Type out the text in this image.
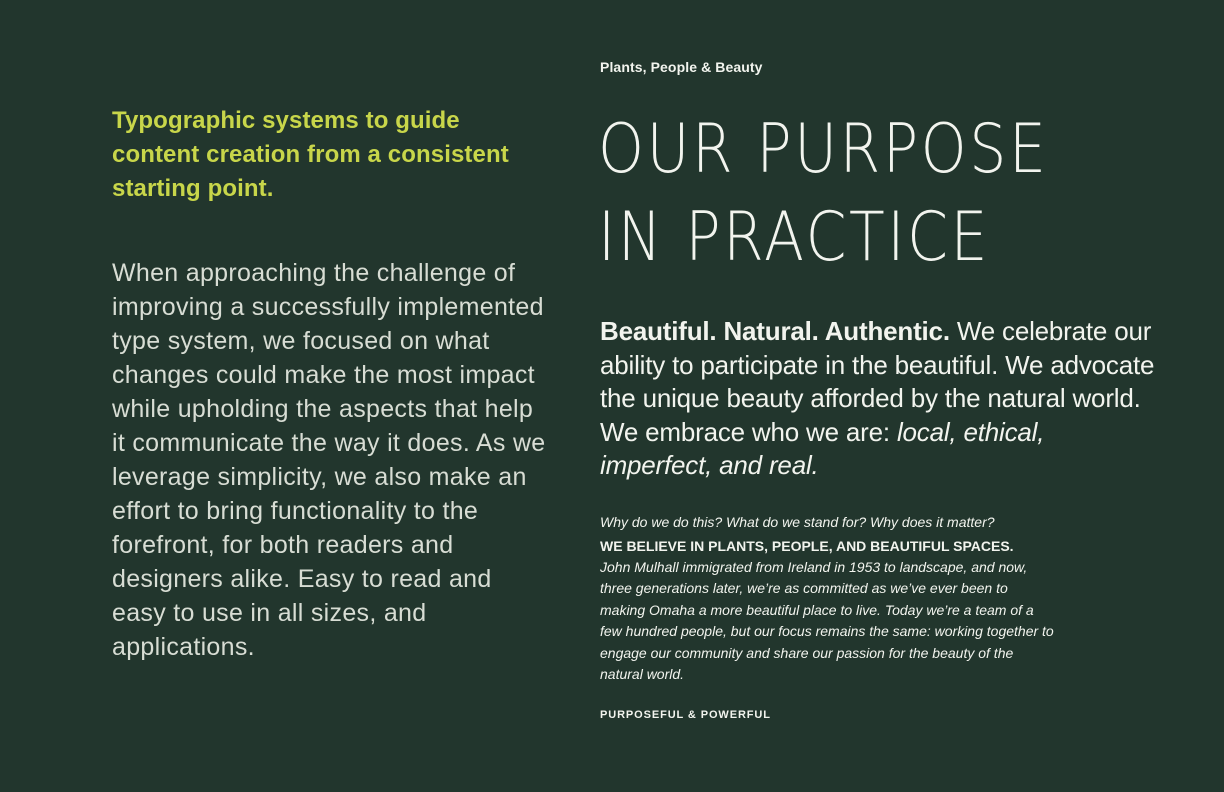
Typographic systems to guide content creation from a consistent starting point.

When approaching the challenge of improving a successfully implemented type system, we focused on what changes could make the most impact while upholding the aspects that help it communicate the way it does. As we leverage simplicity, we also make an effort to bring functionality to the forefront, for both readers and designers alike. Easy to read and easy to use in all sizes, and applications.

Plants, People & Beauty

OUR PURPOSE
IN PRACTICE

Beautiful. Natural. Authentic. We celebrate our ability to participate in the beautiful. We advocate the unique beauty afforded by the natural world. We embrace who we are: local, ethical, imperfect, and real.

Why do we do this? What do we stand for? Why does it matter?

WE BELIEVE IN PLANTS, PEOPLE, AND BEAUTIFUL SPACES.

John Mulhall immigrated from Ireland in 1953 to landscape, and now, three generations later, we’re as committed as we’ve ever been to making Omaha a more beautiful place to live. Today we’re a team of a few hundred people, but our focus remains the same: working together to engage our community and share our passion for the beauty of the natural world.

PURPOSEFUL & POWERFUL
